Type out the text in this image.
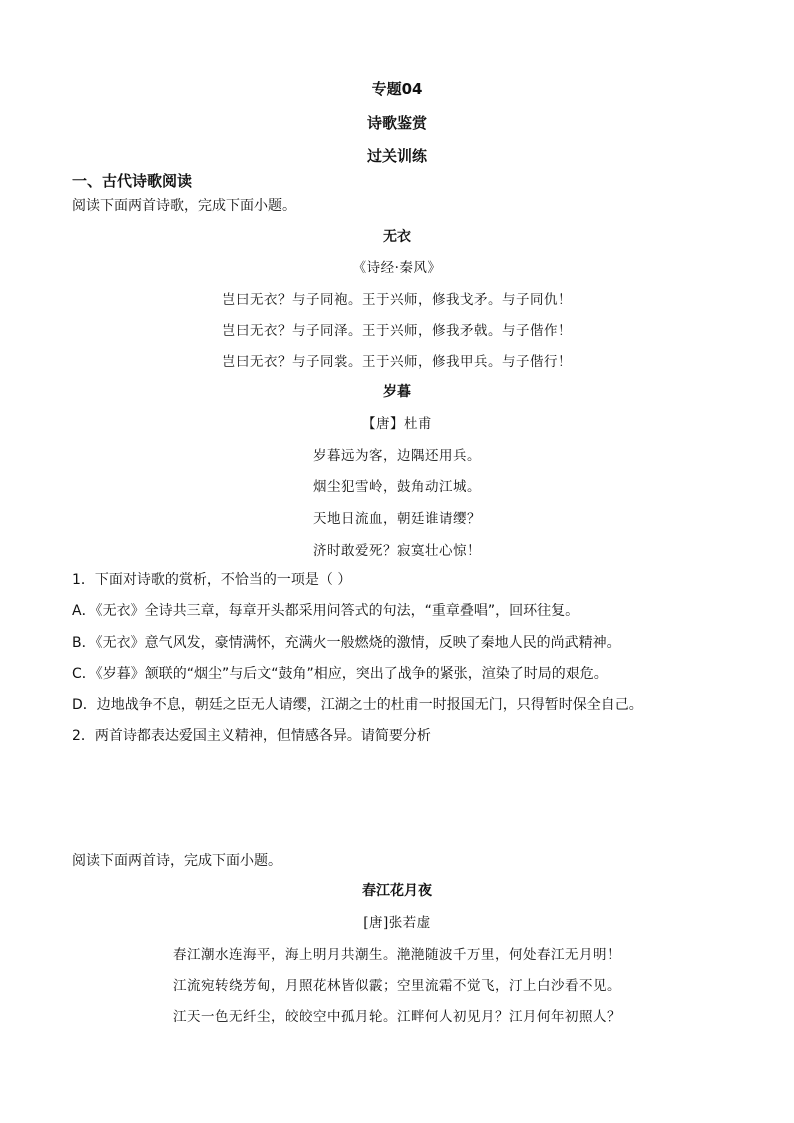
专题04
诗歌鉴赏
过关训练
一、古代诗歌阅读
阅读下面两首诗歌，完成下面小题。
无衣
《诗经·秦风》
岂曰无衣？与子同袍。王于兴师，修我戈矛。与子同仇！
岂曰无衣？与子同泽。王于兴师，修我矛戟。与子偕作！
岂曰无衣？与子同裳。王于兴师，修我甲兵。与子偕行！
岁暮
【唐】杜甫
岁暮远为客，边隅还用兵。
烟尘犯雪岭，鼓角动江城。
天地日流血，朝廷谁请缨？
济时敢爱死？寂寞壮心惊！
1．下面对诗歌的赏析，不恰当的一项是（ ）
A．《无衣》全诗共三章，每章开头都采用问答式的句法，“重章叠唱”，回环往复。
B．《无衣》意气风发，豪情满怀，充满火一般燃烧的激情，反映了秦地人民的尚武精神。
C．《岁暮》颔联的“烟尘”与后文“鼓角”相应，突出了战争的紧张，渲染了时局的艰危。
D．边地战争不息，朝廷之臣无人请缨，江湖之士的杜甫一时报国无门，只得暂时保全自己。
2．两首诗都表达爱国主义精神，但情感各异。请简要分析
阅读下面两首诗，完成下面小题。
春江花月夜
[唐]张若虚
春江潮水连海平，海上明月共潮生。滟滟随波千万里，何处春江无月明！
江流宛转绕芳甸，月照花林皆似霰；空里流霜不觉飞，汀上白沙看不见。
江天一色无纤尘，皎皎空中孤月轮。江畔何人初见月？江月何年初照人？
